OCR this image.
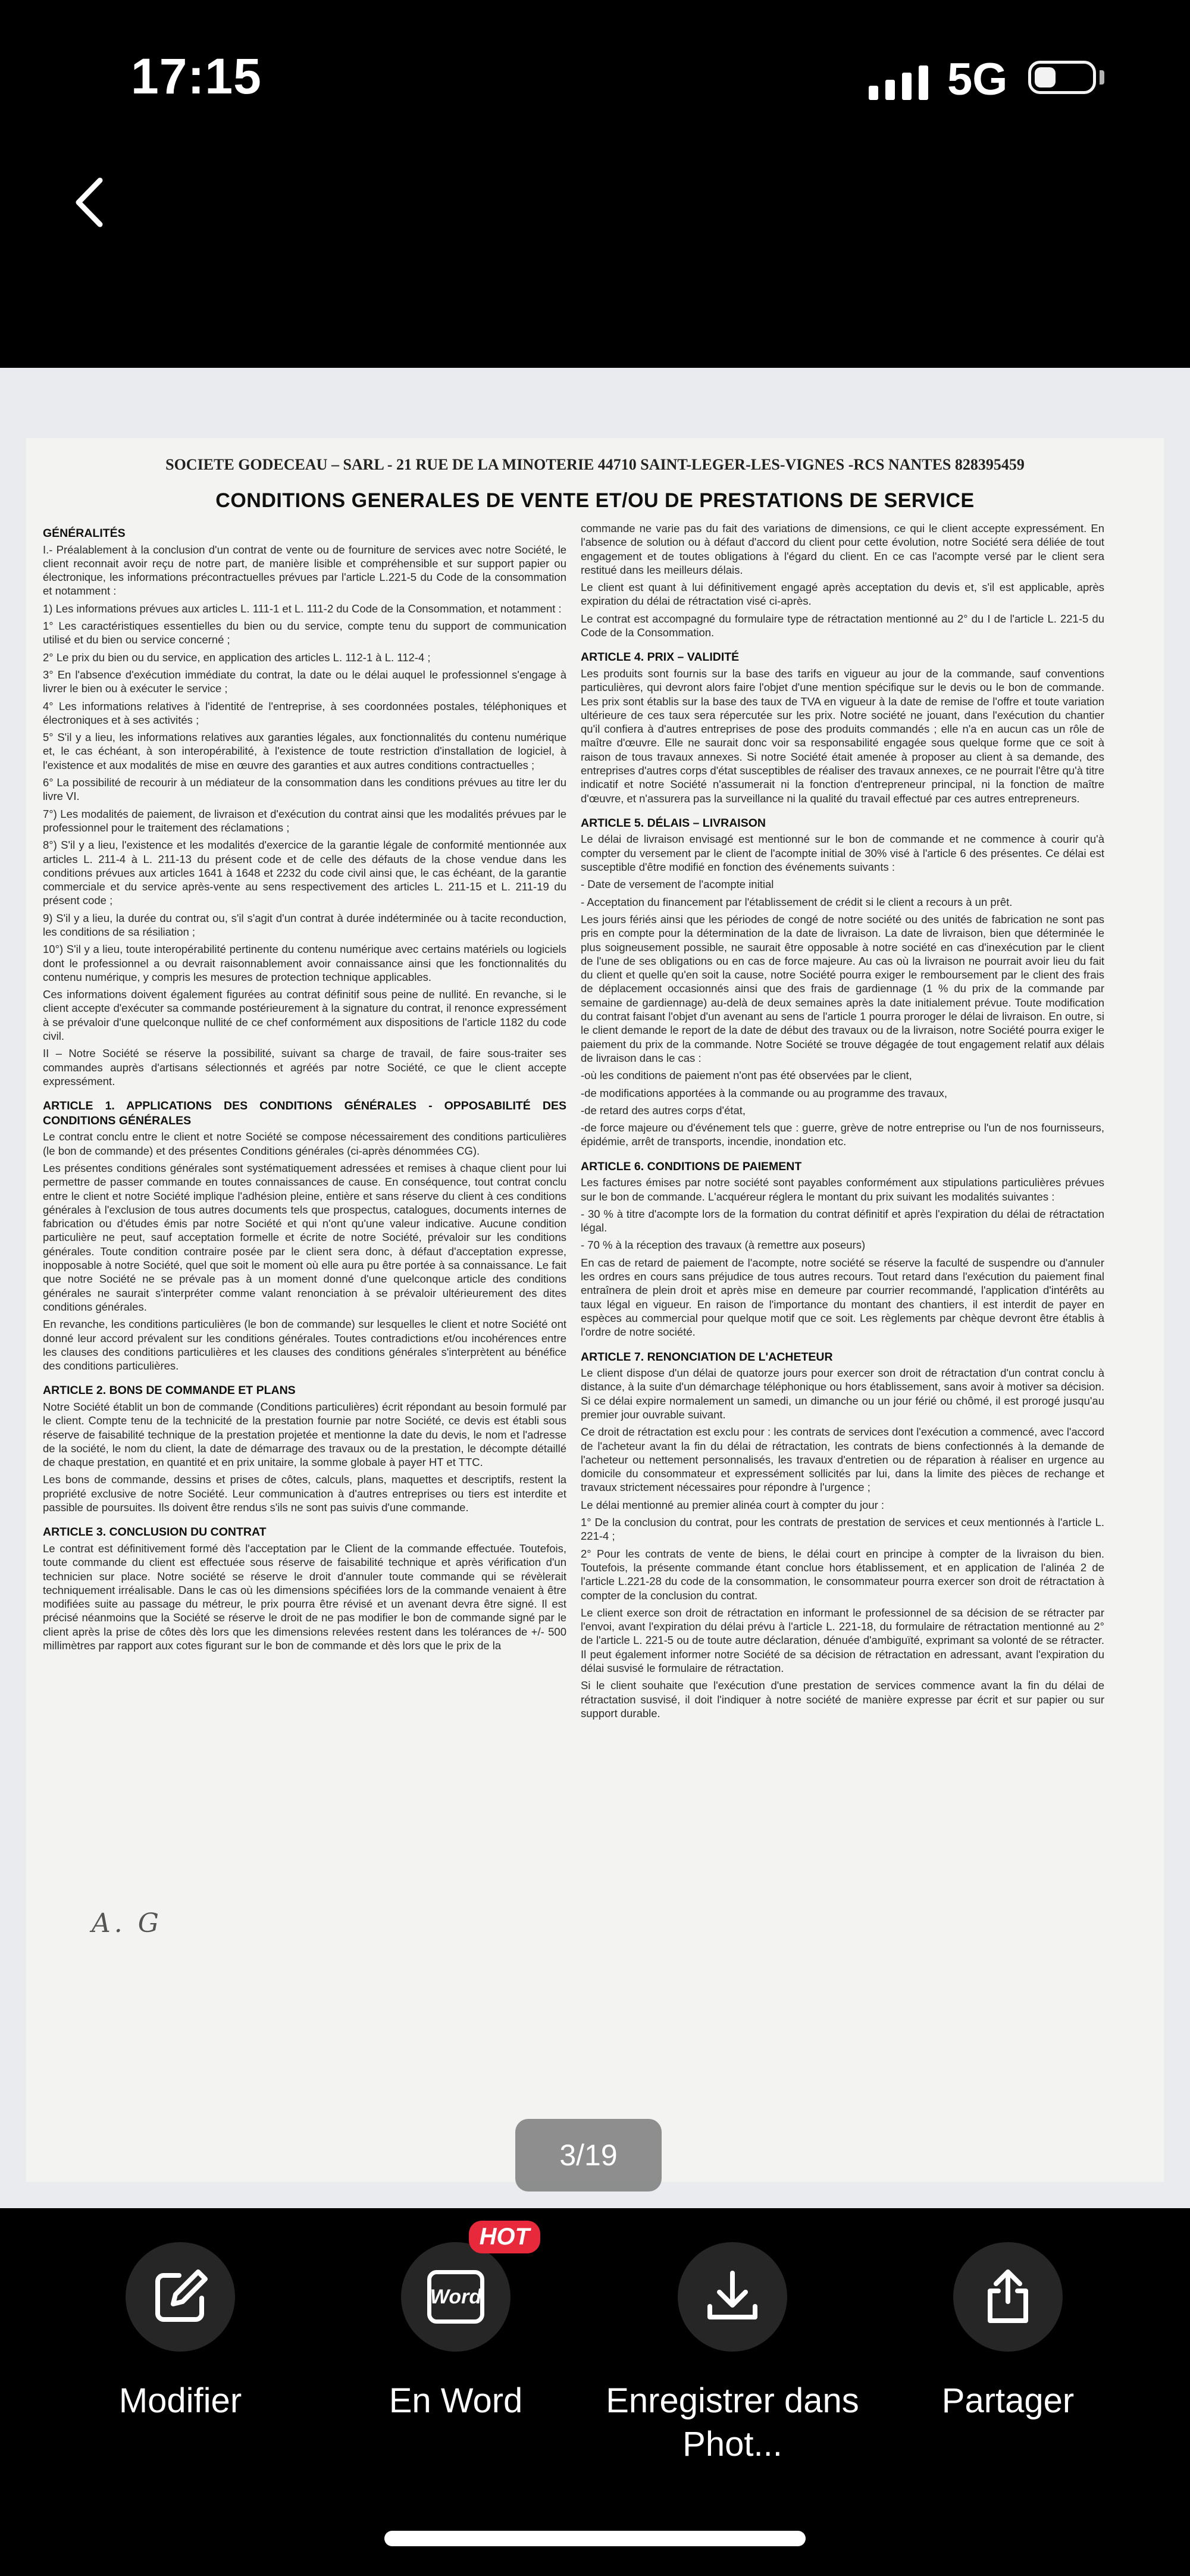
17:15	5G
SOCIETE GODECEAU – SARL - 21 RUE DE LA MINOTERIE 44710 SAINT-LEGER-LES-VIGNES -RCS NANTES 828395459
CONDITIONS GENERALES DE VENTE ET/OU DE PRESTATIONS DE SERVICE
GÉNÉRALITÉS

I.- Préalablement à la conclusion d'un contrat de vente ou de fourniture de services avec notre Société, le client reconnait avoir reçu de notre part, de manière lisible et compréhensible et sur support papier ou électronique, les informations précontractuelles prévues par l'article L.221-5 du Code de la consommation et notamment :

1) Les informations prévues aux articles L. 111-1 et L. 111-2 du Code de la Consommation, et notamment :

1° Les caractéristiques essentielles du bien ou du service, compte tenu du support de communication utilisé et du bien ou service concerné ;

2° Le prix du bien ou du service, en application des articles L. 112-1 à L. 112-4 ;

3° En l'absence d'exécution immédiate du contrat, la date ou le délai auquel le professionnel s'engage à livrer le bien ou à exécuter le service ;

4° Les informations relatives à l'identité de l'entreprise, à ses coordonnées postales, téléphoniques et électroniques et à ses activités ;

5° S'il y a lieu, les informations relatives aux garanties légales, aux fonctionnalités du contenu numérique et, le cas échéant, à son interopérabilité, à l'existence de toute restriction d'installation de logiciel, à l'existence et aux modalités de mise en œuvre des garanties et aux autres conditions contractuelles ;

6° La possibilité de recourir à un médiateur de la consommation dans les conditions prévues au titre Ier du livre VI.

7°) Les modalités de paiement, de livraison et d'exécution du contrat ainsi que les modalités prévues par le professionnel pour le traitement des réclamations ;

8°) S'il y a lieu, l'existence et les modalités d'exercice de la garantie légale de conformité mentionnée aux articles L. 211-4 à L. 211-13 du présent code et de celle des défauts de la chose vendue dans les conditions prévues aux articles 1641 à 1648 et 2232 du code civil ainsi que, le cas échéant, de la garantie commerciale et du service après-vente au sens respectivement des articles L. 211-15 et L. 211-19 du présent code ;

9) S'il y a lieu, la durée du contrat ou, s'il s'agit d'un contrat à durée indéterminée ou à tacite reconduction, les conditions de sa résiliation ;

10°) S'il y a lieu, toute interopérabilité pertinente du contenu numérique avec certains matériels ou logiciels dont le professionnel a ou devrait raisonnablement avoir connaissance ainsi que les fonctionnalités du contenu numérique, y compris les mesures de protection technique applicables.

Ces informations doivent également figurées au contrat définitif sous peine de nullité. En revanche, si le client accepte d'exécuter sa commande postérieurement à la signature du contrat, il renonce expressément à se prévaloir d'une quelconque nullité de ce chef conformément aux dispositions de l'article 1182 du code civil.

II – Notre Société se réserve la possibilité, suivant sa charge de travail, de faire sous-traiter ses commandes auprès d'artisans sélectionnés et agréés par notre Société, ce que le client accepte expressément.

ARTICLE 1. APPLICATIONS DES CONDITIONS GÉNÉRALES - OPPOSABILITÉ DES CONDITIONS GÉNÉRALES

Le contrat conclu entre le client et notre Société se compose nécessairement des conditions particulières (le bon de commande) et des présentes Conditions générales (ci-après dénommées CG).

Les présentes conditions générales sont systématiquement adressées et remises à chaque client pour lui permettre de passer commande en toutes connaissances de cause. En conséquence, tout contrat conclu entre le client et notre Société implique l'adhésion pleine, entière et sans réserve du client à ces conditions générales à l'exclusion de tous autres documents tels que prospectus, catalogues, documents internes de fabrication ou d'études émis par notre Société et qui n'ont qu'une valeur indicative. Aucune condition particulière ne peut, sauf acceptation formelle et écrite de notre Société, prévaloir sur les conditions générales. Toute condition contraire posée par le client sera donc, à défaut d'acceptation expresse, inopposable à notre Société, quel que soit le moment où elle aura pu être portée à sa connaissance. Le fait que notre Société ne se prévale pas à un moment donné d'une quelconque article des conditions générales ne saurait s'interpréter comme valant renonciation à se prévaloir ultérieurement des dites conditions générales.

En revanche, les conditions particulières (le bon de commande) sur lesquelles le client et notre Société ont donné leur accord prévalent sur les conditions générales. Toutes contradictions et/ou incohérences entre les clauses des conditions particulières et les clauses des conditions générales s'interprètent au bénéfice des conditions particulières.

ARTICLE 2. BONS DE COMMANDE ET PLANS

Notre Société établit un bon de commande (Conditions particulières) écrit répondant au besoin formulé par le client. Compte tenu de la technicité de la prestation fournie par notre Société, ce devis est établi sous réserve de faisabilité technique de la prestation projetée et mentionne la date du devis, le nom et l'adresse de la société, le nom du client, la date de démarrage des travaux ou de la prestation, le décompte détaillé de chaque prestation, en quantité et en prix unitaire, la somme globale à payer HT et TTC.

Les bons de commande, dessins et prises de côtes, calculs, plans, maquettes et descriptifs, restent la propriété exclusive de notre Société. Leur communication à d'autres entreprises ou tiers est interdite et passible de poursuites. Ils doivent être rendus s'ils ne sont pas suivis d'une commande.

ARTICLE 3. CONCLUSION DU CONTRAT

Le contrat est définitivement formé dès l'acceptation par le Client de la commande effectuée. Toutefois, toute commande du client est effectuée sous réserve de faisabilité technique et après vérification d'un technicien sur place. Notre société se réserve le droit d'annuler toute commande qui se révèlerait techniquement irréalisable. Dans le cas où les dimensions spécifiées lors de la commande venaient à être modifiées suite au passage du métreur, le prix pourra être révisé et un avenant devra être signé. Il est précisé néanmoins que la Société se réserve le droit de ne pas modifier le bon de commande signé par le client après la prise de côtes dès lors que les dimensions relevées restent dans les tolérances de +/- 500 millimètres par rapport aux cotes figurant sur le bon de commande et dès lors que le prix de la

commande ne varie pas du fait des variations de dimensions, ce qui le client accepte expressément. En l'absence de solution ou à défaut d'accord du client pour cette évolution, notre Société sera déliée de tout engagement et de toutes obligations à l'égard du client. En ce cas l'acompte versé par le client sera restitué dans les meilleurs délais.

Le client est quant à lui définitivement engagé après acceptation du devis et, s'il est applicable, après expiration du délai de rétractation visé ci-après.

Le contrat est accompagné du formulaire type de rétractation mentionné au 2° du I de l'article L. 221-5 du Code de la Consommation.

ARTICLE 4. PRIX – VALIDITÉ

Les produits sont fournis sur la base des tarifs en vigueur au jour de la commande, sauf conventions particulières, qui devront alors faire l'objet d'une mention spécifique sur le devis ou le bon de commande. Les prix sont établis sur la base des taux de TVA en vigueur à la date de remise de l'offre et toute variation ultérieure de ces taux sera répercutée sur les prix. Notre société ne jouant, dans l'exécution du chantier qu'il confiera à d'autres entreprises de pose des produits commandés ; elle n'a en aucun cas un rôle de maître d'œuvre. Elle ne saurait donc voir sa responsabilité engagée sous quelque forme que ce soit à raison de tous travaux annexes. Si notre Société était amenée à proposer au client à sa demande, des entreprises d'autres corps d'état susceptibles de réaliser des travaux annexes, ce ne pourrait l'être qu'à titre indicatif et notre Société n'assumerait ni la fonction d'entrepreneur principal, ni la fonction de maître d'œuvre, et n'assurera pas la surveillance ni la qualité du travail effectué par ces autres entrepreneurs.

ARTICLE 5. DÉLAIS – LIVRAISON

Le délai de livraison envisagé est mentionné sur le bon de commande et ne commence à courir qu'à compter du versement par le client de l'acompte initial de 30% visé à l'article 6 des présentes. Ce délai est susceptible d'être modifié en fonction des événements suivants :

- Date de versement de l'acompte initial

- Acceptation du financement par l'établissement de crédit si le client a recours à un prêt.

Les jours fériés ainsi que les périodes de congé de notre société ou des unités de fabrication ne sont pas pris en compte pour la détermination de la date de livraison. La date de livraison, bien que déterminée le plus soigneusement possible, ne saurait être opposable à notre société en cas d'inexécution par le client de l'une de ses obligations ou en cas de force majeure. Au cas où la livraison ne pourrait avoir lieu du fait du client et quelle qu'en soit la cause, notre Société pourra exiger le remboursement par le client des frais de déplacement occasionnés ainsi que des frais de gardiennage (1 % du prix de la commande par semaine de gardiennage) au-delà de deux semaines après la date initialement prévue. Toute modification du contrat faisant l'objet d'un avenant au sens de l'article 1 pourra proroger le délai de livraison. En outre, si le client demande le report de la date de début des travaux ou de la livraison, notre Société pourra exiger le paiement du prix de la commande. Notre Société se trouve dégagée de tout engagement relatif aux délais de livraison dans le cas :

-où les conditions de paiement n'ont pas été observées par le client,

-de modifications apportées à la commande ou au programme des travaux,

-de retard des autres corps d'état,

-de force majeure ou d'événement tels que : guerre, grève de notre entreprise ou l'un de nos fournisseurs, épidémie, arrêt de transports, incendie, inondation etc.

ARTICLE 6. CONDITIONS DE PAIEMENT

Les factures émises par notre société sont payables conformément aux stipulations particulières prévues sur le bon de commande. L'acquéreur réglera le montant du prix suivant les modalités suivantes :

- 30 % à titre d'acompte lors de la formation du contrat définitif et après l'expiration du délai de rétractation légal.

- 70 % à la réception des travaux (à remettre aux poseurs)

En cas de retard de paiement de l'acompte, notre société se réserve la faculté de suspendre ou d'annuler les ordres en cours sans préjudice de tous autres recours. Tout retard dans l'exécution du paiement final entraînera de plein droit et après mise en demeure par courrier recommandé, l'application d'intérêts au taux légal en vigueur. En raison de l'importance du montant des chantiers, il est interdit de payer en espèces au commercial pour quelque motif que ce soit. Les règlements par chèque devront être établis à l'ordre de notre société.

ARTICLE 7. RENONCIATION DE L'ACHETEUR

Le client dispose d'un délai de quatorze jours pour exercer son droit de rétractation d'un contrat conclu à distance, à la suite d'un démarchage téléphonique ou hors établissement, sans avoir à motiver sa décision. Si ce délai expire normalement un samedi, un dimanche ou un jour férié ou chômé, il est prorogé jusqu'au premier jour ouvrable suivant.

Ce droit de rétractation est exclu pour : les contrats de services dont l'exécution a commencé, avec l'accord de l'acheteur avant la fin du délai de rétractation, les contrats de biens confectionnés à la demande de l'acheteur ou nettement personnalisés, les travaux d'entretien ou de réparation à réaliser en urgence au domicile du consommateur et expressément sollicités par lui, dans la limite des pièces de rechange et travaux strictement nécessaires pour répondre à l'urgence ;

Le délai mentionné au premier alinéa court à compter du jour :

1° De la conclusion du contrat, pour les contrats de prestation de services et ceux mentionnés à l'article L. 221-4 ;

2° Pour les contrats de vente de biens, le délai court en principe à compter de la livraison du bien. Toutefois, la présente commande étant conclue hors établissement, et en application de l'alinéa 2 de l'article L.221-28 du code de la consommation, le consommateur pourra exercer son droit de rétractation à compter de la conclusion du contrat.

Le client exerce son droit de rétractation en informant le professionnel de sa décision de se rétracter par l'envoi, avant l'expiration du délai prévu à l'article L. 221-18, du formulaire de rétractation mentionné au 2° de l'article L. 221-5 ou de toute autre déclaration, dénuée d'ambiguïté, exprimant sa volonté de se rétracter. Il peut également informer notre Société de sa décision de rétractation en adressant, avant l'expiration du délai susvisé le formulaire de rétractation.

Si le client souhaite que l'exécution d'une prestation de services commence avant la fin du délai de rétractation susvisé, il doit l'indiquer à notre société de manière expresse par écrit et sur papier ou sur support durable.

A. G
3/19
Modifier
Word
HOT
En Word	Enregistrer dans Phot...
Partager
